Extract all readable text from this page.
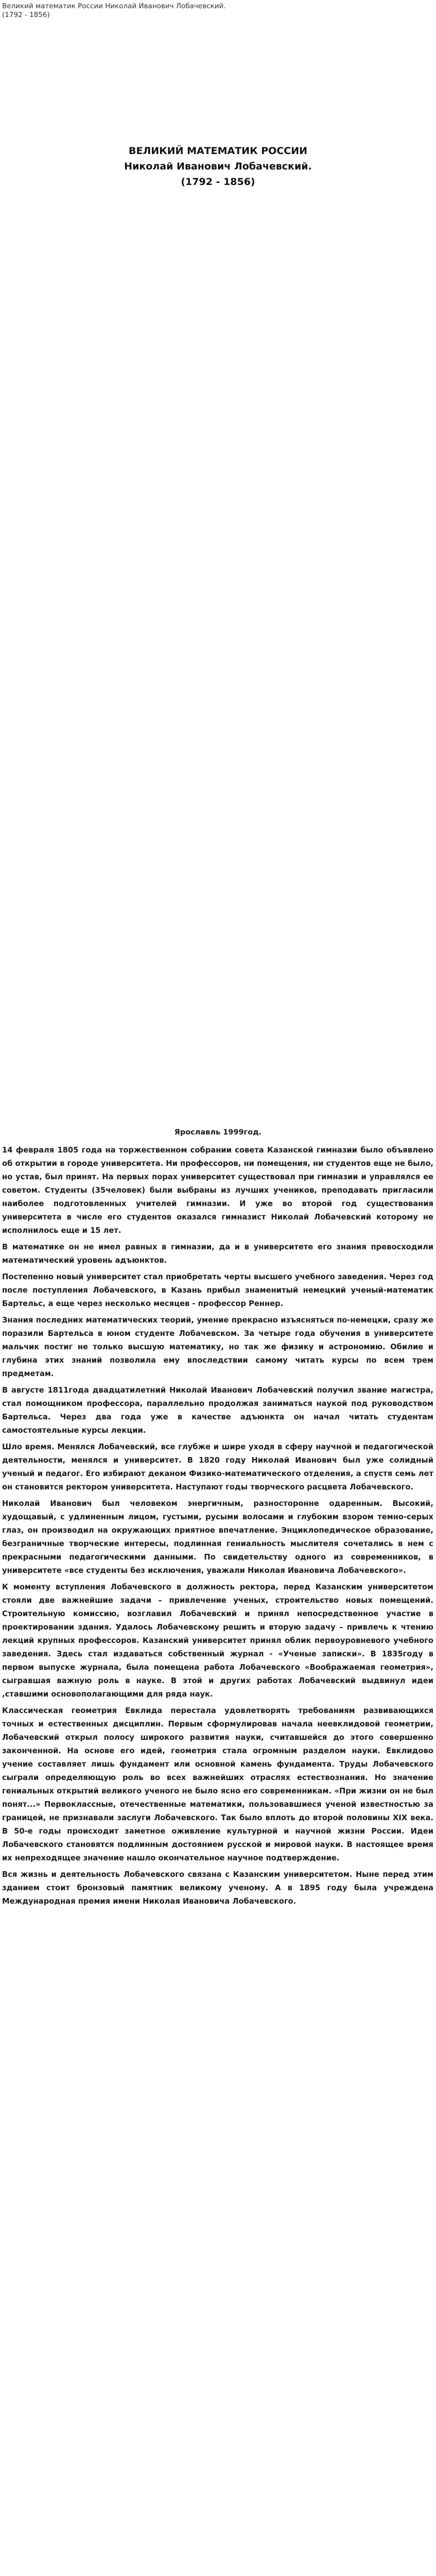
Великий математик России Николай Иванович Лобачевский.
(1792 - 1856)
ВЕЛИКИЙ МАТЕМАТИК РОССИИ
Николай Иванович Лобачевский.
(1792 - 1856)
Ярославль 1999год.

14 февраля 1805 года на торжественном собрании совета Казанской гимназии было объявлено об открытии в городе университета. Ни профессоров, ни помещения, ни студентов еще не было, но устав, был принят. На первых порах университет существовал при гимназии и управлялся ее советом. Студенты (35человек) были выбраны из лучших учеников, преподавать пригласили наиболее подготовленных учителей гимназии. И уже во второй год существования университета в числе его студентов оказался гимназист Николай Лобачевский которому не исполнилось еще и 15 лет.

В математике он не имел равных в гимназии, да и в университете его знания превосходили математический уровень адъюнктов.

Постепенно новый университет стал приобретать черты высшего учебного заведения. Через год после поступления Лобачевского, в Казань прибыл знаменитый немецкий ученый-математик Бартельс, а еще через несколько месяцев - профессор Реннер.

Знания последних математических теорий, умение прекрасно изъясняться по-немецки, сразу же поразили Бартельса в юном студенте Лобачевском. За четыре года обучения в университете мальчик постиг не только высшую математику, но так же физику и астрономию. Обилие и глубина этих знаний позволила ему впоследствии самому читать курсы по всем трем предметам.

В августе 1811года двадцатилетний Николай Иванович Лобачевский получил звание магистра, стал помощником профессора, параллельно продолжая заниматься наукой под руководством Бартельса. Через два года уже в качестве адъюнкта он начал читать студентам самостоятельные курсы лекции.

Шло время. Менялся Лобачевский, все глубже и шире уходя в сферу научной и педагогической деятельности, менялся и университет. В 1820 году Николай Иванович был уже солидный ученый и педагог. Его избирают деканом Физико-математического отделения, а спустя семь лет он становится ректором университета. Наступают годы творческого расцвета Лобачевского.

Николай Иванович был человеком энергичным, разносторонне одаренным. Высокий, худощавый, с удлиненным лицом, густыми, русыми волосами и глубоким взором темно-серых глаз, он производил на окружающих приятное впечатление. Энциклопедическое образование, безграничные творческие интересы, подлинная гениальность мыслителя сочетались в нем с прекрасными педагогическими данными. По свидетельству одного из современников, в университете «все студенты без исключения, уважали Николая Ивановича Лобачевского».

К моменту вступления Лобачевского в должность ректора, перед Казанским университетом стояли две важнейшие задачи – привлечение ученых, строительство новых помещений. Строительную комиссию, возглавил Лобачевский и принял непосредственное участие в проектировании здания. Удалось Лобачевскому решить и вторую задачу – привлечь к чтению лекций крупных профессоров. Казанский университет принял облик первоуровневого учебного заведения. Здесь стал издаваться собственный журнал - «Ученые записки». В 1835году в первом выпуске журнала, была помещена работа Лобачевского «Воображаемая геометрия», сыгравшая важную роль в науке. В этой и других работах Лобачевский выдвинул идеи ,ставшими основополагающими для ряда наук.

Классическая геометрия Евклида перестала удовлетворять требованиям развивающихся точных и естественных дисциплин. Первым сформулировав начала неевклидовой геометрии, Лобачевский открыл полосу широкого развития науки, считавшейся до этого совершенно законченной. На основе его идей, геометрия стала огромным разделом науки. Евклидово учение составляет лишь фундамент или основной камень фундамента. Труды Лобачевского сыграли определяющую роль во всех важнейших отраслях естествознания. Но значение гениальных открытий великого ученого не было ясно его современникам. «При жизни он не был понят...» Первоклассные, отечественные математики, пользовавшиеся ученой известностью за границей, не признавали заслуги Лобачевского. Так было вплоть до второй половины XIX века. В 50-е годы происходит заметное оживление культурной и научной жизни России. Идеи Лобачевского становятся подлинным достоянием русской и мировой науки. В настоящее время их непреходящее значение нашло окончательное научное подтверждение.

Вся жизнь и деятельность Лобачевского связана с Казанским университетом. Ныне перед этим зданием стоит бронзовый памятник великому ученому. А в 1895 году была учреждена Международная премия имени Николая Ивановича Лобачевского.
